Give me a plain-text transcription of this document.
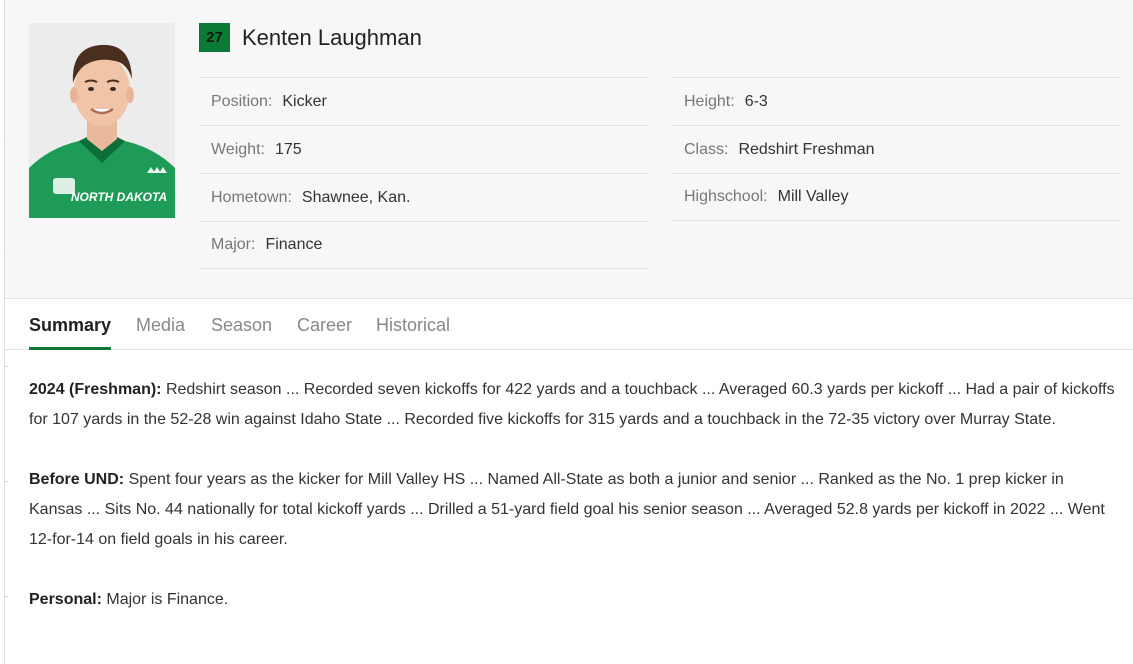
NORTH DAKOTA
27 Kenten Laughman
Position: Kicker
Weight: 175
Hometown: Shawnee, Kan.
Major: Finance
Height: 6-3
Class: Redshirt Freshman
Highschool: Mill Valley
Summary Media Season Career Historical

2024 (Freshman): Redshirt season ... Recorded seven kickoffs for 422 yards and a touchback ... Averaged 60.3 yards per kickoff ... Had a pair of kickoffs for 107 yards in the 52-28 win against Idaho State ... Recorded five kickoffs for 315 yards and a touchback in the 72-35 victory over Murray State.

Before UND: Spent four years as the kicker for Mill Valley HS ... Named All-State as both a junior and senior ... Ranked as the No. 1 prep kicker in Kansas ... Sits No. 44 nationally for total kickoff yards ... Drilled a 51-yard field goal his senior season ... Averaged 52.8 yards per kickoff in 2022 ... Went 12-for-14 on field goals in his career.

Personal: Major is Finance.
